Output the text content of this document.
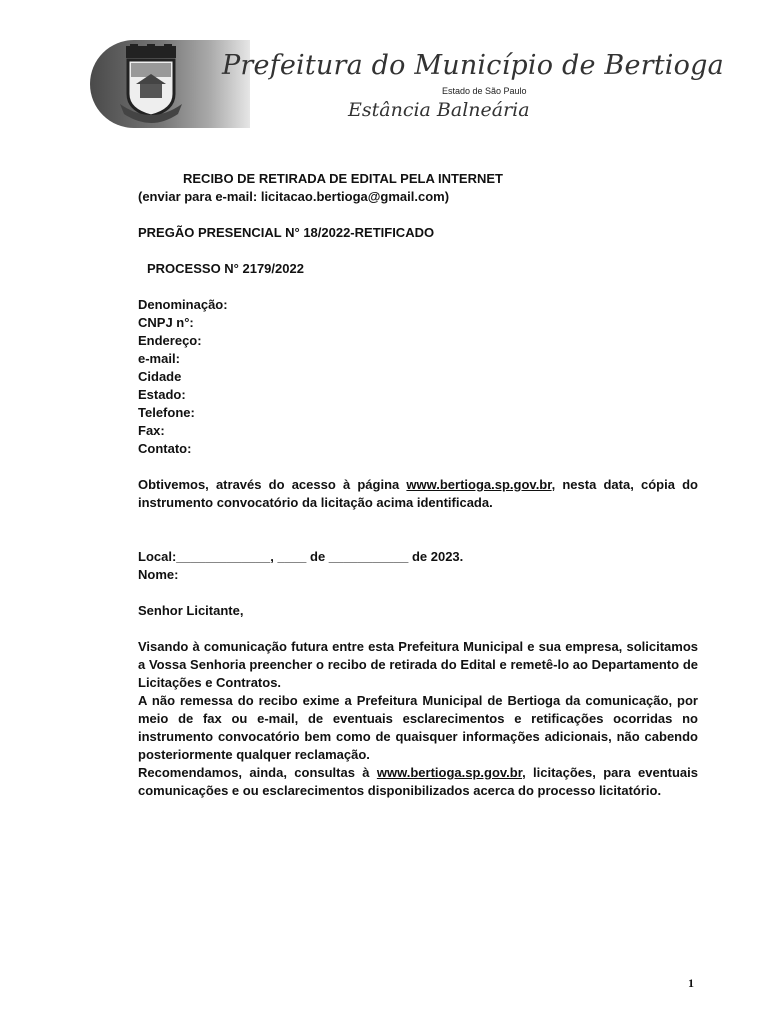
Prefeitura do Município de Bertioga
Estado de São Paulo
Estância Balneária
RECIBO DE RETIRADA DE EDITAL PELA INTERNET
(enviar para e-mail: licitacao.bertioga@gmail.com)
PREGÃO PRESENCIAL N° 18/2022-RETIFICADO
PROCESSO N° 2179/2022
Denominação:
CNPJ n°:
Endereço:
e-mail:
Cidade
Estado:
Telefone:
Fax:
Contato:
Obtivemos, através do acesso à página www.bertioga.sp.gov.br, nesta data, cópia do instrumento convocatório da licitação acima identificada.
Local:_____________, ____ de ___________ de 2023.
Nome:
Senhor Licitante,
Visando à comunicação futura entre esta Prefeitura Municipal e sua empresa, solicitamos a Vossa Senhoria preencher o recibo de retirada do Edital e remetê-lo ao Departamento de Licitações e Contratos.
A não remessa do recibo exime a Prefeitura Municipal de Bertioga da comunicação, por meio de fax ou e-mail, de eventuais esclarecimentos e retificações ocorridas no instrumento convocatório bem como de quaisquer informações adicionais, não cabendo posteriormente qualquer reclamação.
Recomendamos, ainda, consultas à www.bertioga.sp.gov.br, licitações, para eventuais comunicações e ou esclarecimentos disponibilizados acerca do processo licitatório.
1
